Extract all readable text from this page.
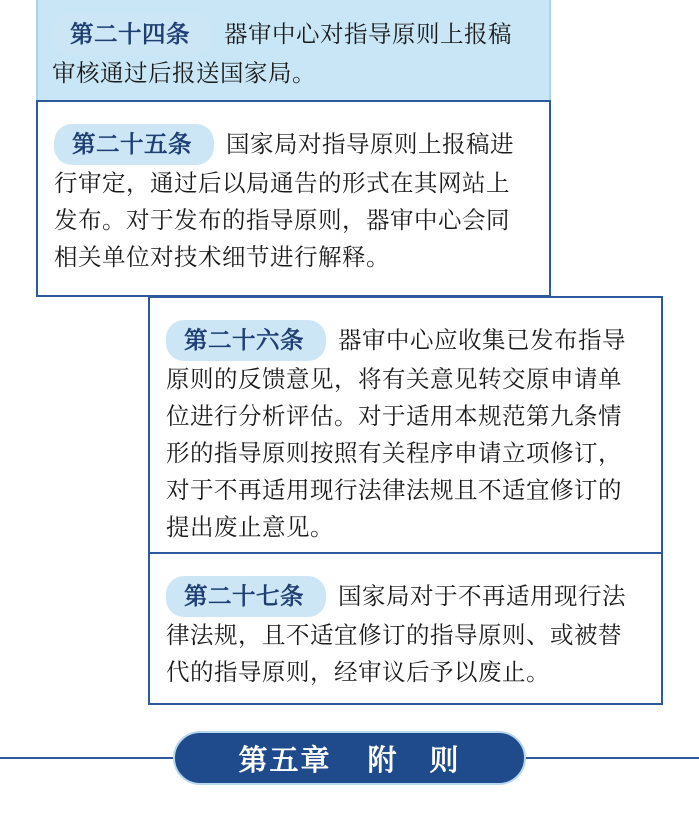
第二十四条 器审中心对指导原则上报稿审核通过后报送国家局。
第二十五条 国家局对指导原则上报稿进行审定，通过后以局通告的形式在其网站上发布。对于发布的指导原则，器审中心会同相关单位对技术细节进行解释。
第二十六条 器审中心应收集已发布指导原则的反馈意见，将有关意见转交原申请单位进行分析评估。对于适用本规范第九条情形的指导原则按照有关程序申请立项修订，对于不再适用现行法律法规且不适宜修订的提出废止意见。
第二十七条 国家局对于不再适用现行法律法规，且不适宜修订的指导原则、或被替代的指导原则，经审议后予以废止。
第五章 附　则
